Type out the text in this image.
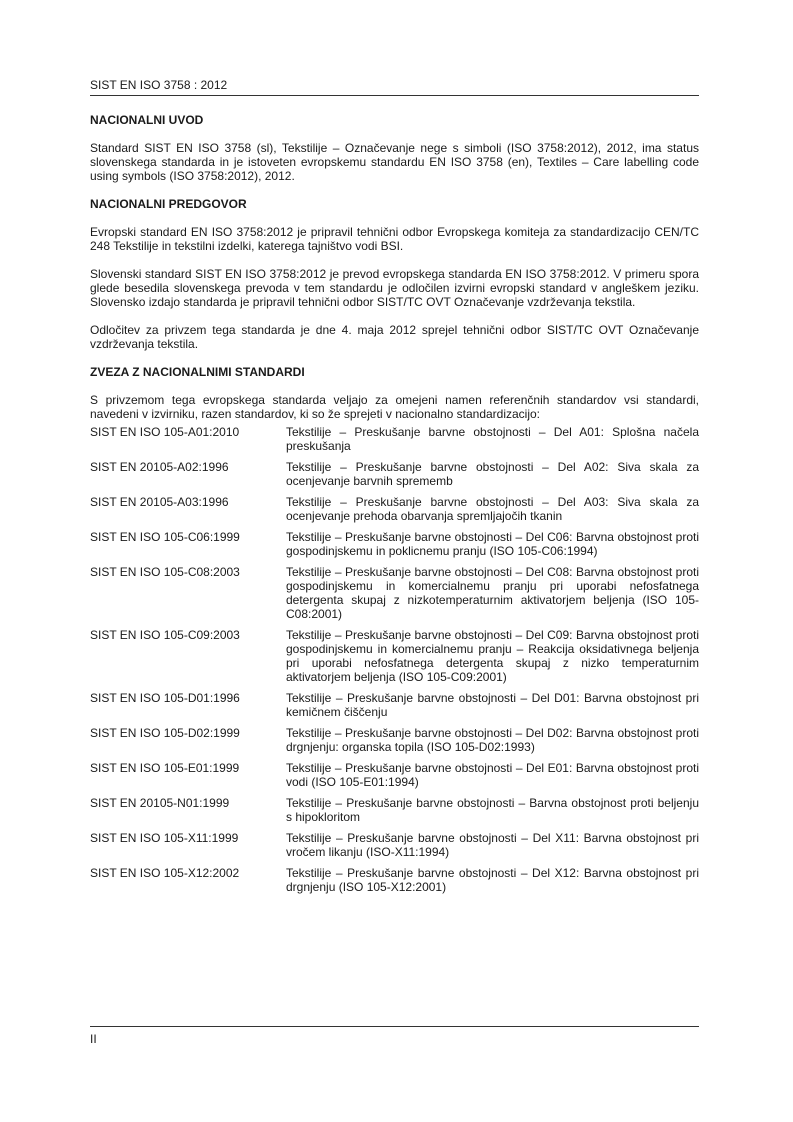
SIST EN ISO 3758 : 2012
NACIONALNI UVOD

Standard SIST EN ISO 3758 (sl), Tekstilije – Označevanje nege s simboli (ISO 3758:2012), 2012, ima status slovenskega standarda in je istoveten evropskemu standardu EN ISO 3758 (en), Textiles – Care labelling code using symbols (ISO 3758:2012), 2012.

NACIONALNI PREDGOVOR

Evropski standard EN ISO 3758:2012 je pripravil tehnični odbor Evropskega komiteja za standardizacijo CEN/TC 248 Tekstilije in tekstilni izdelki, katerega tajništvo vodi BSI.

Slovenski standard SIST EN ISO 3758:2012 je prevod evropskega standarda EN ISO 3758:2012. V primeru spora glede besedila slovenskega prevoda v tem standardu je odločilen izvirni evropski standard v angleškem jeziku. Slovensko izdajo standarda je pripravil tehnični odbor SIST/TC OVT Označevanje vzdrževanja tekstila.

Odločitev za privzem tega standarda je dne 4. maja 2012 sprejel tehnični odbor SIST/TC OVT Označevanje vzdrževanja tekstila.

ZVEZA Z NACIONALNIMI STANDARDI

S privzemom tega evropskega standarda veljajo za omejeni namen referenčnih standardov vsi standardi, navedeni v izvirniku, razen standardov, ki so že sprejeti v nacionalno standardizacijo:

SIST EN ISO 105-A01:2010	Tekstilije – Preskušanje barvne obstojnosti – Del A01: Splošna načela preskušanja
SIST EN 20105-A02:1996	Tekstilije – Preskušanje barvne obstojnosti – Del A02: Siva skala za ocenjevanje barvnih sprememb
SIST EN 20105-A03:1996	Tekstilije – Preskušanje barvne obstojnosti – Del A03: Siva skala za ocenjevanje prehoda obarvanja spremljajočih tkanin
SIST EN ISO 105-C06:1999	Tekstilije – Preskušanje barvne obstojnosti – Del C06: Barvna obstojnost proti gospodinjskemu in poklicnemu pranju (ISO 105-C06:1994)
SIST EN ISO 105-C08:2003	Tekstilije – Preskušanje barvne obstojnosti – Del C08: Barvna obstojnost proti gospodinjskemu in komercialnemu pranju pri uporabi nefosfatnega detergenta skupaj z nizkotemperaturnim aktivatorjem beljenja (ISO 105-C08:2001)
SIST EN ISO 105-C09:2003	Tekstilije – Preskušanje barvne obstojnosti – Del C09: Barvna obstojnost proti gospodinjskemu in komercialnemu pranju – Reakcija oksidativnega beljenja pri uporabi nefosfatnega detergenta skupaj z nizko temperaturnim aktivatorjem beljenja (ISO 105-C09:2001)
SIST EN ISO 105-D01:1996	Tekstilije – Preskušanje barvne obstojnosti – Del D01: Barvna obstojnost pri kemičnem čiščenju
SIST EN ISO 105-D02:1999	Tekstilije – Preskušanje barvne obstojnosti – Del D02: Barvna obstojnost proti drgnjenju: organska topila (ISO 105-D02:1993)
SIST EN ISO 105-E01:1999	Tekstilije – Preskušanje barvne obstojnosti – Del E01: Barvna obstojnost proti vodi (ISO 105-E01:1994)
SIST EN 20105-N01:1999	Tekstilije – Preskušanje barvne obstojnosti – Barvna obstojnost proti beljenju s hipokloritom
SIST EN ISO 105-X11:1999	Tekstilije – Preskušanje barvne obstojnosti – Del X11: Barvna obstojnost pri vročem likanju (ISO-X11:1994)
SIST EN ISO 105-X12:2002	Tekstilije – Preskušanje barvne obstojnosti – Del X12: Barvna obstojnost pri drgnjenju (ISO 105-X12:2001)
II
